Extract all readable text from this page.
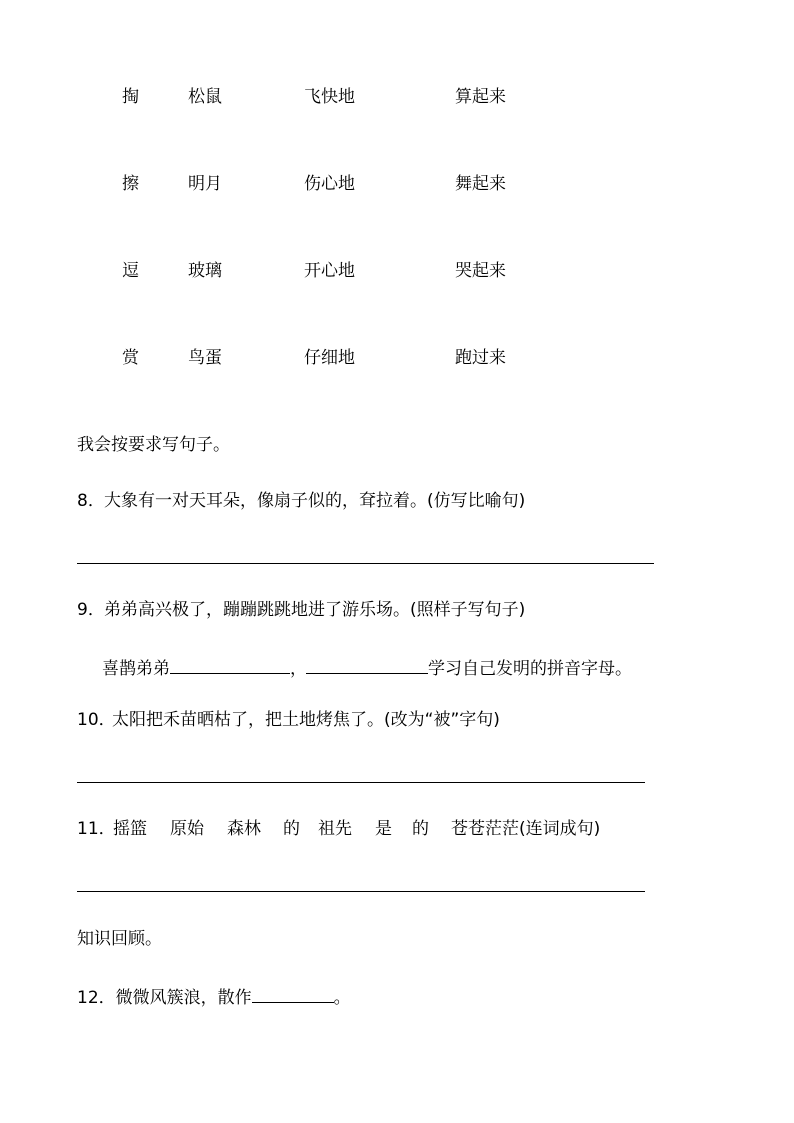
掏	松鼠	飞快地	算起来
擦	明月	伤心地	舞起来
逗	玻璃	开心地	哭起来
赏	鸟蛋	仔细地	跑过来
我会按要求写句子。
8． 大象有一对天耳朵，像扇子似的，耷拉着。(仿写比喻句)
9． 弟弟高兴极了，蹦蹦跳跳地进了游乐场。(照样子写句子)
喜鹊弟弟	，	学习自己发明的拼音字母。
10．
太阳把禾苗晒枯了，把土地烤焦了。(改为“被”字句)
11．
摇篮 原始 森林 的 祖先 是 的 苍苍茫茫(连词成句)
知识回顾。
12．微微风簇浪，散作	。
